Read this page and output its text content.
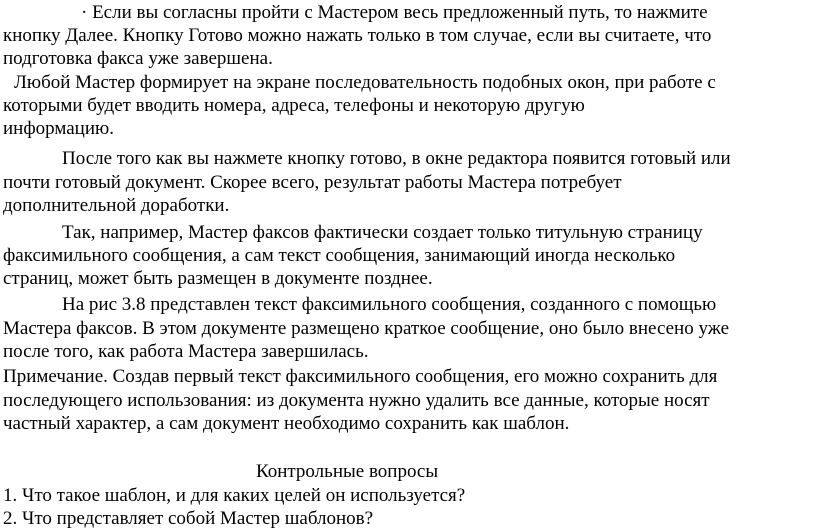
· Если вы согласны пройти с Мастером весь предложенный путь, то нажмите
кнопку Далее. Кнопку Готово можно нажать только в том случае, если вы считаете, что
подготовка факса уже завершена.
Любой Мастер формирует на экране последовательность подобных окон, при работе с
которыми будет вводить номера, адреса, телефоны и некоторую другую
информацию.
После того как вы нажмете кнопку готово, в окне редактора появится готовый или
почти готовый документ. Скорее всего, результат работы Мастера потребует
дополнительной доработки.
Так, например, Мастер факсов фактически создает только титульную страницу
факсимильного сообщения, а сам текст сообщения, занимающий иногда несколько
страниц, может быть размещен в документе позднее.
На рис 3.8 представлен текст факсимильного сообщения, созданного с помощью
Мастера факсов. В этом документе размещено краткое сообщение, оно было внесено уже
после того, как работа Мастера завершилась.
Примечание. Создав первый текст факсимильного сообщения, его можно сохранить для
последующего использования: из документа нужно удалить все данные, которые носят
частный характер, а сам документ необходимо сохранить как шаблон.
Контрольные вопросы
1. Что такое шаблон, и для каких целей он используется?
2. Что представляет собой Мастер шаблонов?
